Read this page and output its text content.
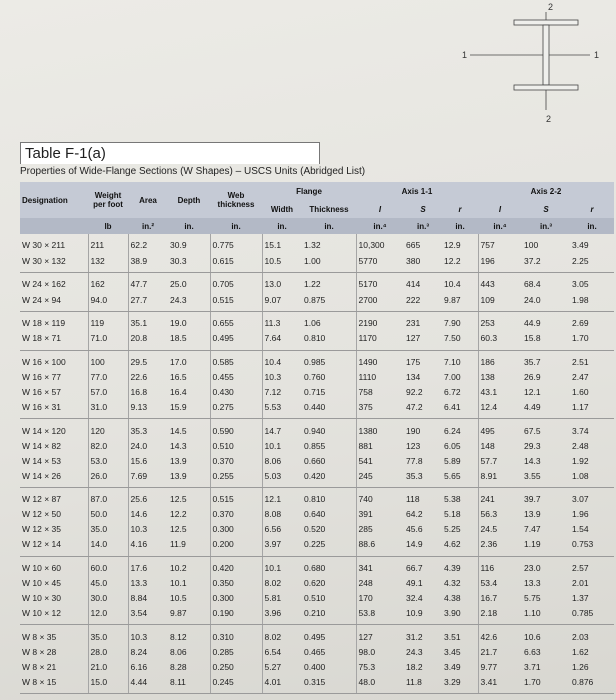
2
2
1	1
Table F-1(a)
Properties of Wide-Flange Sections (W Shapes) – USCS Units (Abridged List)
Designation	Weight per foot	Area	Depth	Web thickness	Flange		Axis 1-1			Axis 2-2		
					Width	Thickness	I	S	r	I	S	r
	lb	in.²	in.	in.	in.	in.	in.⁴	in.³	in.	in.⁴	in.³	in.
W 30 × 211	211	62.2	30.9	0.775	15.1	1.32	10,300	665	12.9	757	100	3.49
W 30 × 132	132	38.9	30.3	0.615	10.5	1.00	5770	380	12.2	196	37.2	2.25
W 24 × 162	162	47.7	25.0	0.705	13.0	1.22	5170	414	10.4	443	68.4	3.05
W 24 × 94	94.0	27.7	24.3	0.515	9.07	0.875	2700	222	9.87	109	24.0	1.98
W 18 × 119	119	35.1	19.0	0.655	11.3	1.06	2190	231	7.90	253	44.9	2.69
W 18 × 71	71.0	20.8	18.5	0.495	7.64	0.810	1170	127	7.50	60.3	15.8	1.70
W 16 × 100	100	29.5	17.0	0.585	10.4	0.985	1490	175	7.10	186	35.7	2.51
W 16 × 77	77.0	22.6	16.5	0.455	10.3	0.760	1110	134	7.00	138	26.9	2.47
W 16 × 57	57.0	16.8	16.4	0.430	7.12	0.715	758	92.2	6.72	43.1	12.1	1.60
W 16 × 31	31.0	9.13	15.9	0.275	5.53	0.440	375	47.2	6.41	12.4	4.49	1.17
W 14 × 120	120	35.3	14.5	0.590	14.7	0.940	1380	190	6.24	495	67.5	3.74
W 14 × 82	82.0	24.0	14.3	0.510	10.1	0.855	881	123	6.05	148	29.3	2.48
W 14 × 53	53.0	15.6	13.9	0.370	8.06	0.660	541	77.8	5.89	57.7	14.3	1.92
W 14 × 26	26.0	7.69	13.9	0.255	5.03	0.420	245	35.3	5.65	8.91	3.55	1.08
W 12 × 87	87.0	25.6	12.5	0.515	12.1	0.810	740	118	5.38	241	39.7	3.07
W 12 × 50	50.0	14.6	12.2	0.370	8.08	0.640	391	64.2	5.18	56.3	13.9	1.96
W 12 × 35	35.0	10.3	12.5	0.300	6.56	0.520	285	45.6	5.25	24.5	7.47	1.54
W 12 × 14	14.0	4.16	11.9	0.200	3.97	0.225	88.6	14.9	4.62	2.36	1.19	0.753
W 10 × 60	60.0	17.6	10.2	0.420	10.1	0.680	341	66.7	4.39	116	23.0	2.57
W 10 × 45	45.0	13.3	10.1	0.350	8.02	0.620	248	49.1	4.32	53.4	13.3	2.01
W 10 × 30	30.0	8.84	10.5	0.300	5.81	0.510	170	32.4	4.38	16.7	5.75	1.37
W 10 × 12	12.0	3.54	9.87	0.190	3.96	0.210	53.8	10.9	3.90	2.18	1.10	0.785
W 8 × 35	35.0	10.3	8.12	0.310	8.02	0.495	127	31.2	3.51	42.6	10.6	2.03
W 8 × 28	28.0	8.24	8.06	0.285	6.54	0.465	98.0	24.3	3.45	21.7	6.63	1.62
W 8 × 21	21.0	6.16	8.28	0.250	5.27	0.400	75.3	18.2	3.49	9.77	3.71	1.26
W 8 × 15	15.0	4.44	8.11	0.245	4.01	0.315	48.0	11.8	3.29	3.41	1.70	0.876
